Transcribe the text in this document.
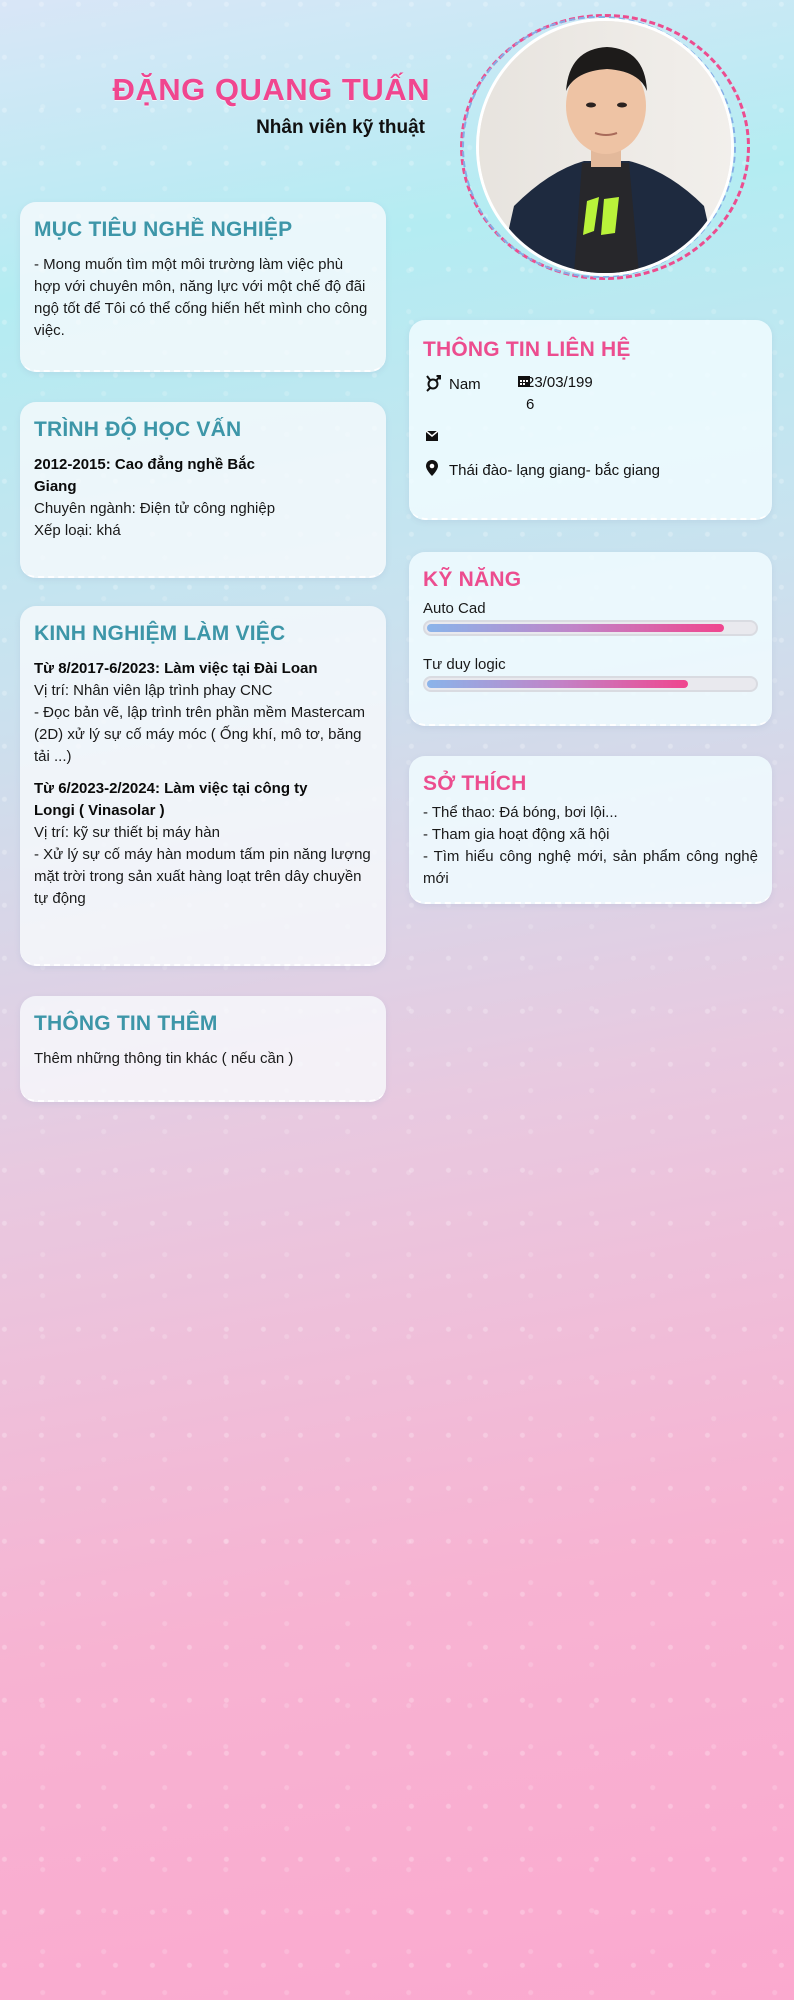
ĐẶNG QUANG TUẤN
Nhân viên kỹ thuật
MỤC TIÊU NGHỀ NGHIỆP

- Mong muốn tìm một môi trường làm việc phù hợp với chuyên môn, năng lực với một chế độ đãi ngộ tốt để Tôi có thể cống hiến hết mình cho công việc.

TRÌNH ĐỘ HỌC VẤN

2012-2015: Cao đẳng nghề Bắc Giang

Chuyên ngành: Điện tử công nghiệp

Xếp loại: khá

KINH NGHIỆM LÀM VIỆC

Từ 8/2017-6/2023: Làm việc tại Đài Loan

Vị trí: Nhân viên lập trình phay CNC

- Đọc bản vẽ, lập trình trên phần mềm Mastercam (2D) xử lý sự cố máy móc ( Ống khí, mô tơ, băng tải ...)

Từ 6/2023-2/2024: Làm việc tại công ty Longi ( Vinasolar )

Vị trí: kỹ sư thiết bị máy hàn

- Xử lý sự cố máy hàn modum tấm pin năng lượng mặt trời trong sản xuất hàng loạt trên dây chuyền tự động

THÔNG TIN THÊM

Thêm những thông tin khác ( nếu cần )

THÔNG TIN LIÊN HỆ
Nam	23/03/199
6
Thái đào- lạng giang- bắc giang
KỸ NĂNG

Auto Cad

Tư duy logic

SỞ THÍCH

- Thể thao: Đá bóng, bơi lội...

- Tham gia hoạt động xã hội

- Tìm hiểu công nghệ mới, sản phẩm công nghệ mới
